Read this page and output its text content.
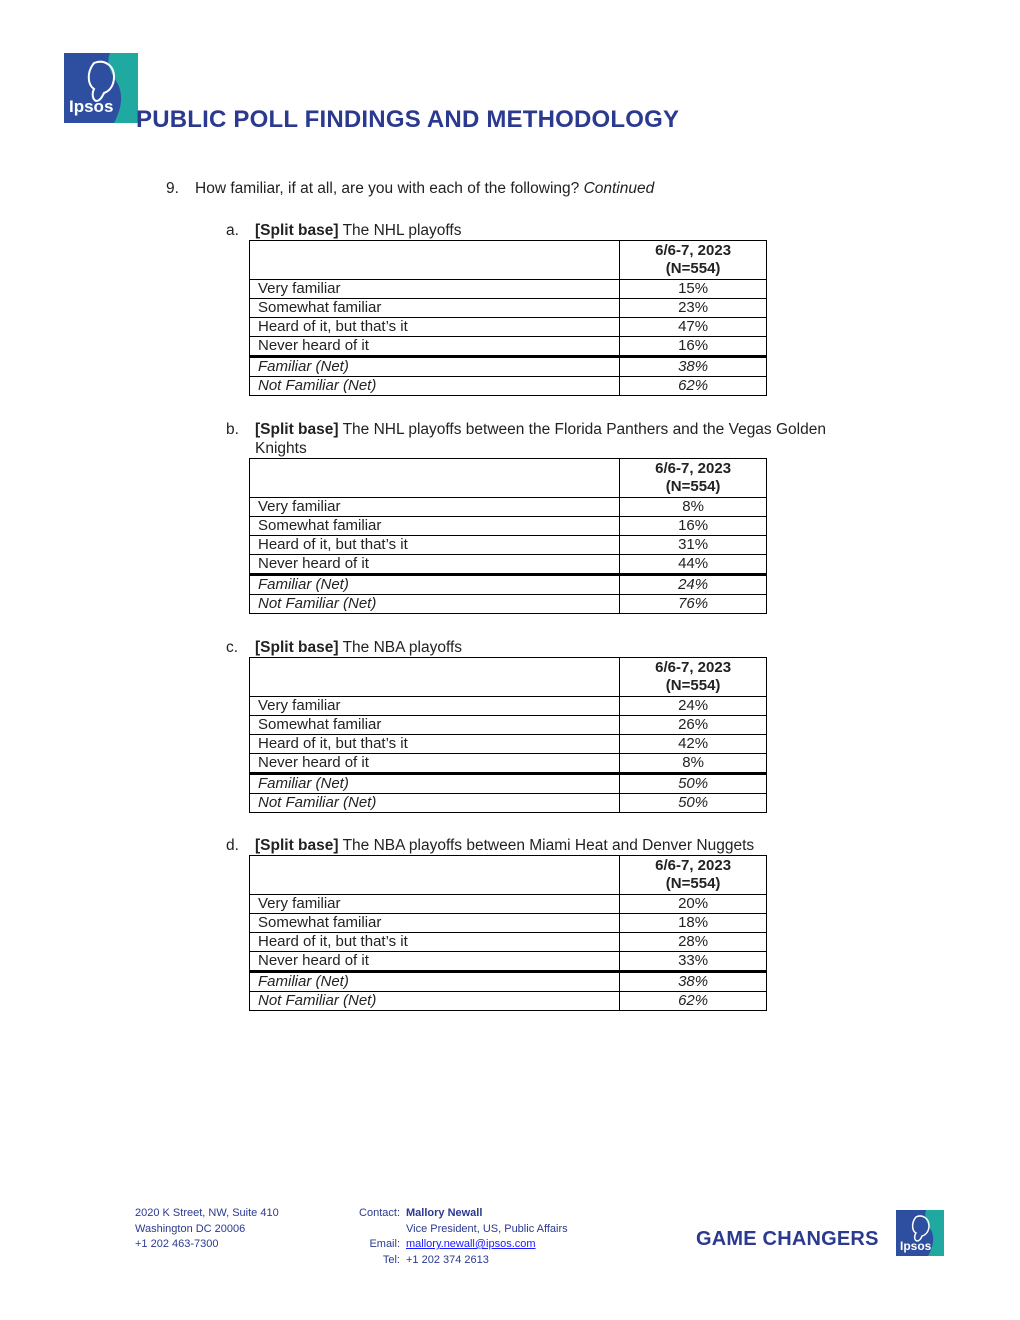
Ipsos PUBLIC POLL FINDINGS AND METHODOLOGY
9. How familiar, if at all, are you with each of the following? Continued
a. [Split base] The NHL playoffs
	6/6-7, 2023
(N=554)
Very familiar	15%
Somewhat familiar	23%
Heard of it, but that’s it	47%
Never heard of it	16%
Familiar (Net)	38%
Not Familiar (Net)	62%
b. [Split base] The NHL playoffs between the Florida Panthers and the Vegas Golden
Knights
	6/6-7, 2023
(N=554)
Very familiar	8%
Somewhat familiar	16%
Heard of it, but that’s it	31%
Never heard of it	44%
Familiar (Net)	24%
Not Familiar (Net)	76%
c. [Split base] The NBA playoffs
	6/6-7, 2023
(N=554)
Very familiar	24%
Somewhat familiar	26%
Heard of it, but that’s it	42%
Never heard of it	8%
Familiar (Net)	50%
Not Familiar (Net)	50%
d. [Split base] The NBA playoffs between Miami Heat and Denver Nuggets
	6/6-7, 2023
(N=554)
Very familiar	20%
Somewhat familiar	18%
Heard of it, but that’s it	28%
Never heard of it	33%
Familiar (Net)	38%
Not Familiar (Net)	62%
2020 K Street, NW, Suite 410
Washington DC 20006
+1 202 463-7300
Contact:

Email:
Tel:
Mallory Newall
Vice President, US, Public Affairs
mallory.newall@ipsos.com
+1 202 374 2613
GAME CHANGERS Ipsos
